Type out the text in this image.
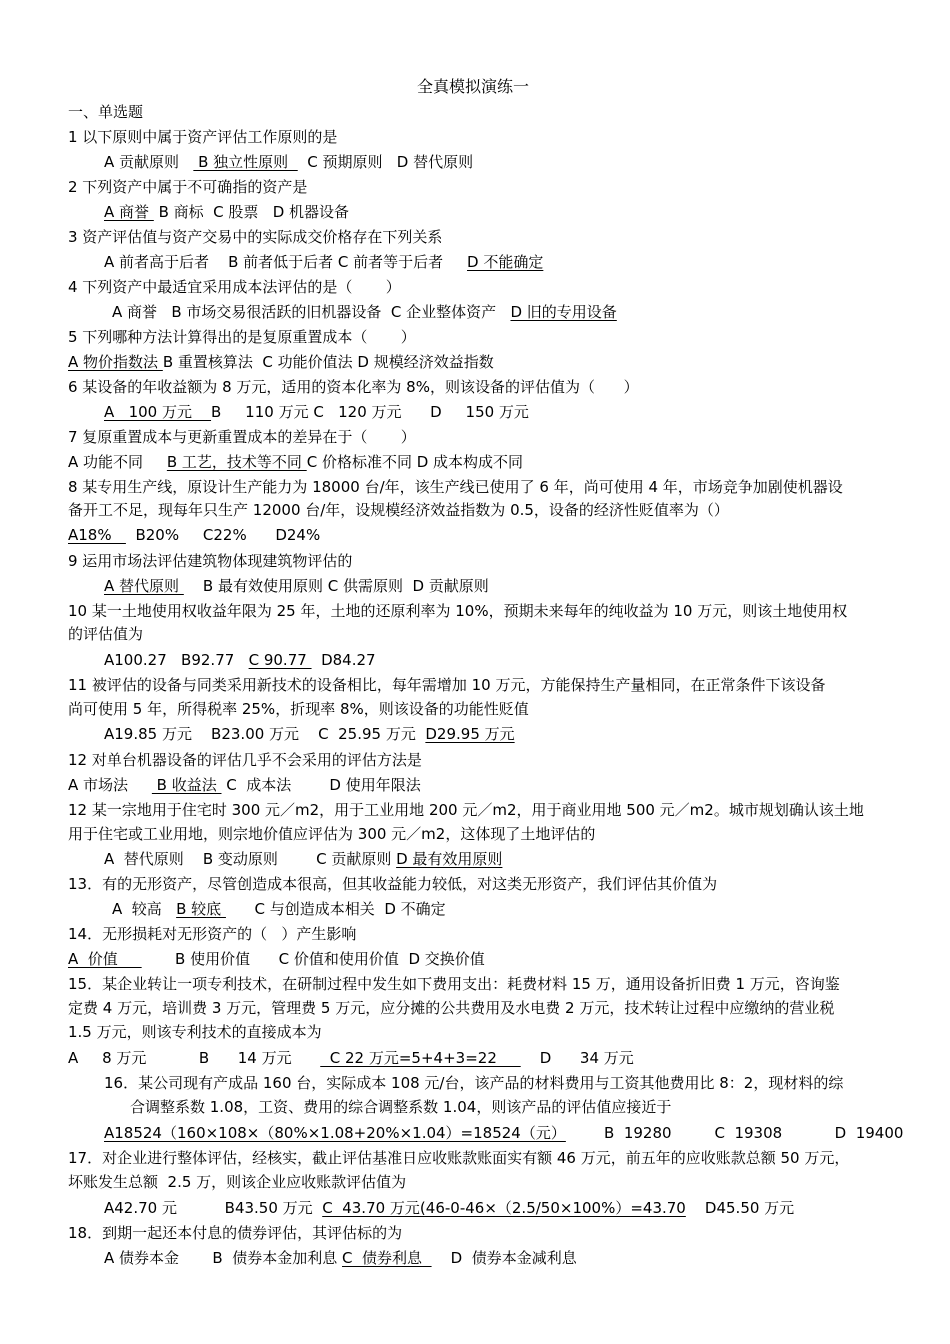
全真模拟演练一
一、单选题
1 以下原则中属于资产评估工作原则的是
A 贡献原则    B 独立性原则    C 预期原则   D 替代原则
2 下列资产中属于不可确指的资产是
A 商誉  B 商标  C 股票   D 机器设备
3 资产评估值与资产交易中的实际成交价格存在下列关系
A 前者高于后者    B 前者低于后者 C 前者等于后者     D 不能确定
4 下列资产中最适宜采用成本法评估的是（       ）
A 商誉   B 市场交易很活跃的旧机器设备  C 企业整体资产   D 旧的专用设备
5 下列哪种方法计算得出的是复原重置成本（       ）
A 物价指数法 B 重置核算法  C 功能价值法 D 规模经济效益指数
6 某设备的年收益额为 8 万元，适用的资本化率为 8%，则该设备的评估值为（      ）
A   100 万元    B     110 万元 C   120 万元      D     150 万元
7 复原重置成本与更新重置成本的差异在于（       ）
A 功能不同     B 工艺，技术等不同 C 价格标准不同 D 成本构成不同
8 某专用生产线，原设计生产能力为 18000 台/年，该生产线已使用了 6 年，尚可使用 4 年，市场竞争加剧使机器设
备开工不足，现每年只生产 12000 台/年，设规模经济效益指数为 0.5，设备的经济性贬值率为（）
A18%     B20%     C22%      D24%
9 运用市场法评估建筑物体现建筑物评估的
A 替代原则     B 最有效使用原则 C 供需原则  D 贡献原则
10 某一土地使用权收益年限为 25 年，土地的还原利率为 10%，预期未来每年的纯收益为 10 万元，则该土地使用权
的评估值为
A100.27   B92.77   C 90.77   D84.27
11 被评估的设备与同类采用新技术的设备相比，每年需增加 10 万元，方能保持生产量相同，在正常条件下该设备
尚可使用 5 年，所得税率 25%，折现率 8%，则该设备的功能性贬值
A19.85 万元    B23.00 万元    C  25.95 万元  D29.95 万元
12 对单台机器设备的评估几乎不会采用的评估方法是
A 市场法      B 收益法  C  成本法        D 使用年限法
12 某一宗地用于住宅时 300 元／m2，用于工业用地 200 元／m2，用于商业用地 500 元／m2。城市规划确认该土地
用于住宅或工业用地，则宗地价值应评估为 300 元／m2，这体现了土地评估的
A  替代原则    B 变动原则        C 贡献原则 D 最有效用原则
13．有的无形资产，尽管创造成本很高，但其收益能力较低，对这类无形资产，我们评估其价值为
A  较高   B 较底       C 与创造成本相关  D 不确定
14．无形损耗对无形资产的（   ）产生影响
A  价值            B 使用价值      C 价值和使用价值  D 交换价值
15．某企业转让一项专利技术，在研制过程中发生如下费用支出：耗费材料 15 万，通用设备折旧费 1 万元，咨询鉴
定费 4 万元，培训费 3 万元，管理费 5 万元，应分摊的公共费用及水电费 2 万元，技术转让过程中应缴纳的营业税
1.5 万元，则该专利技术的直接成本为
A     8 万元           B      14 万元        C 22 万元=5+4+3=22         D      34 万元
16．某公司现有产成品 160 台，实际成本 108 元/台，该产品的材料费用与工资其他费用比 8：2，现材料的综
合调整系数 1.08，工资、费用的综合调整系数 1.04，则该产品的评估值应接近于
A18524（160×108×（80%×1.08+20%×1.04）=18524（元）        B  19280         C  19308           D  19400
17．对企业进行整体评估，经核实，截止评估基准日应收账款账面实有额 46 万元，前五年的应收账款总额 50 万元，
坏账发生总额  2.5 万，则该企业应收账款评估值为
A42.70 元          B43.50 万元  C  43.70 万元(46-0-46×（2.5/50×100%）=43.70    D45.50 万元
18．到期一起还本付息的债券评估，其评估标的为
A 债券本金       B  债券本金加利息 C  债券利息      D  债券本金减利息
